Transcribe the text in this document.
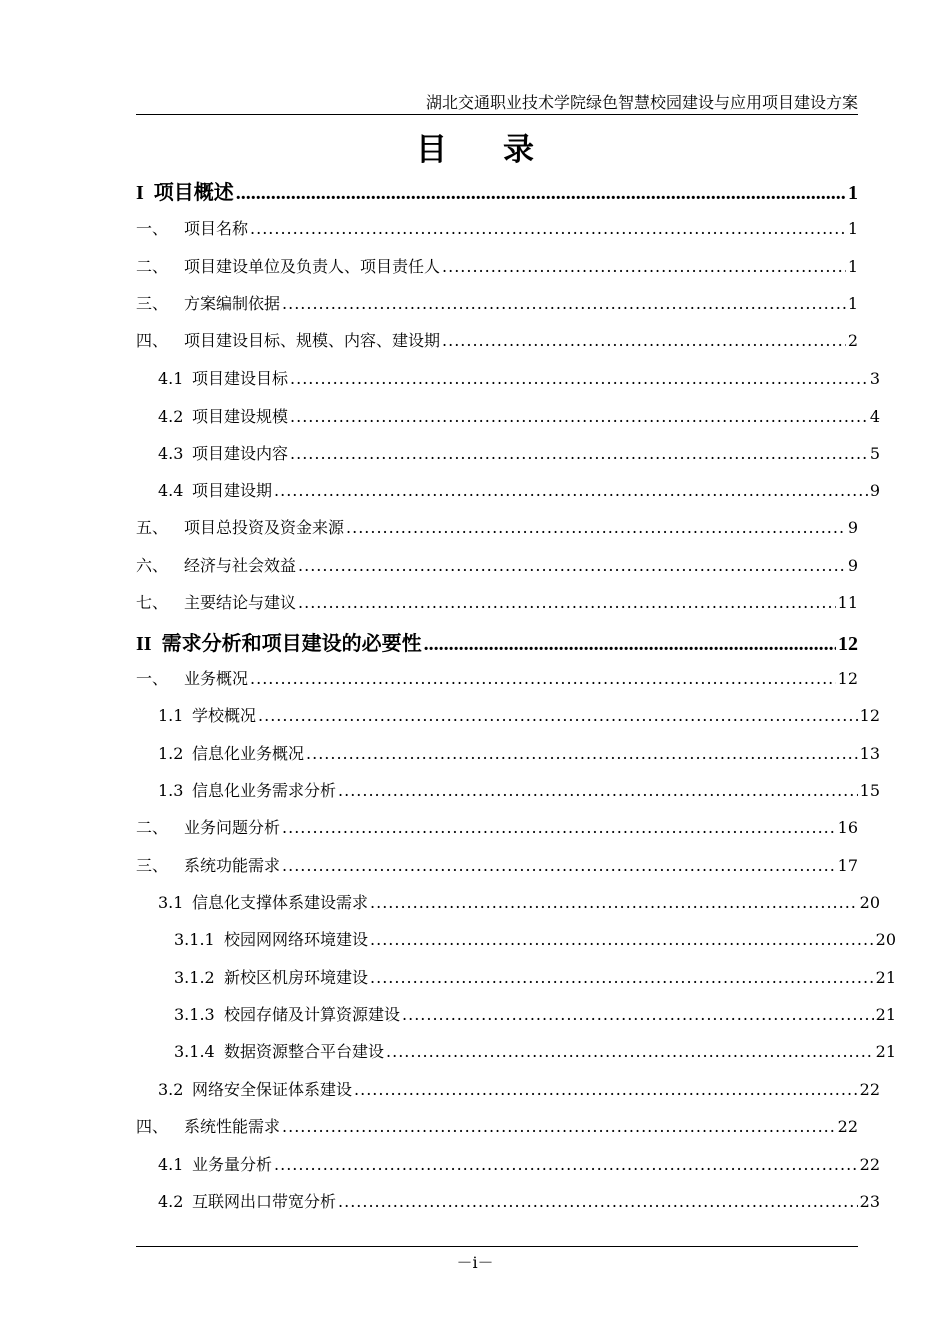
湖北交通职业技术学院绿色智慧校园建设与应用项目建设方案
目录
I 项目概述 .....	1
一、 项目名称 .....	1
二、 项目建设单位及负责人、项目责任人 .....	1
三、 方案编制依据 .....	1
四、 项目建设目标、规模、内容、建设期 .....	2
4.1 项目建设目标 .....	3
4.2 项目建设规模 .....	4
4.3 项目建设内容 .....	5
4.4 项目建设期 .....	9
五、 项目总投资及资金来源 .....	9
六、 经济与社会效益 .....	9
七、 主要结论与建议 .....	11
II 需求分析和项目建设的必要性 .....	12
一、 业务概况 .....	12
1.1 学校概况 .....	12
1.2 信息化业务概况 .....	13
1.3 信息化业务需求分析 .....	15
二、 业务问题分析 .....	16
三、 系统功能需求 .....	17
3.1 信息化支撑体系建设需求 .....	20
3.1.1 校园网网络环境建设 .....	20
3.1.2 新校区机房环境建设 .....	21
3.1.3 校园存储及计算资源建设 .....	21
3.1.4 数据资源整合平台建设 .....	21
3.2 网络安全保证体系建设 .....	22
四、 系统性能需求 .....	22
4.1 业务量分析 .....	22
4.2 互联网出口带宽分析 .....	23
－i－
